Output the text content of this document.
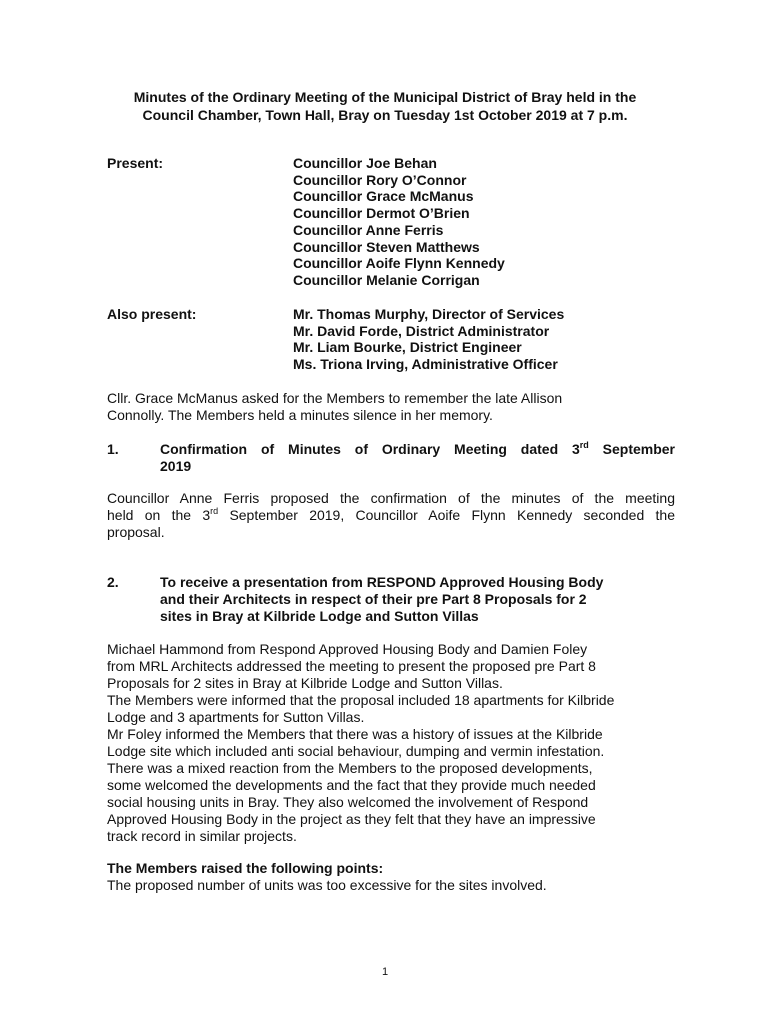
Minutes of the Ordinary Meeting of the Municipal District of Bray held in the
Council Chamber, Town Hall, Bray on Tuesday 1st October 2019 at 7 p.m.
Present:	Councillor Joe Behan
Councillor Rory O’Connor
Councillor Grace McManus
Councillor Dermot O’Brien
Councillor Anne Ferris
Councillor Steven Matthews
Councillor Aoife Flynn Kennedy
Councillor Melanie Corrigan
Also present:	Mr. Thomas Murphy, Director of Services
Mr. David Forde, District Administrator
Mr. Liam Bourke, District Engineer
Ms. Triona Irving, Administrative Officer
Cllr. Grace McManus asked for the Members to remember the late Allison
Connolly. The Members held a minutes silence in her memory.
1.	Confirmation of Minutes of Ordinary Meeting dated 3rd September
2019
Councillor Anne Ferris proposed the confirmation of the minutes of the meeting
held on the 3rd September 2019, Councillor Aoife Flynn Kennedy seconded the
proposal.
2.	To receive a presentation from RESPOND Approved Housing Body
and their Architects in respect of their pre Part 8 Proposals for 2
sites in Bray at Kilbride Lodge and Sutton Villas
Michael Hammond from Respond Approved Housing Body and Damien Foley
from MRL Architects addressed the meeting to present the proposed pre Part 8
Proposals for 2 sites in Bray at Kilbride Lodge and Sutton Villas.
The Members were informed that the proposal included 18 apartments for Kilbride
Lodge and 3 apartments for Sutton Villas.
Mr Foley informed the Members that there was a history of issues at the Kilbride
Lodge site which included anti social behaviour, dumping and vermin infestation.
There was a mixed reaction from the Members to the proposed developments,
some welcomed the developments and the fact that they provide much needed
social housing units in Bray. They also welcomed the involvement of Respond
Approved Housing Body in the project as they felt that they have an impressive
track record in similar projects.
The Members raised the following points:
The proposed number of units was too excessive for the sites involved.
1
